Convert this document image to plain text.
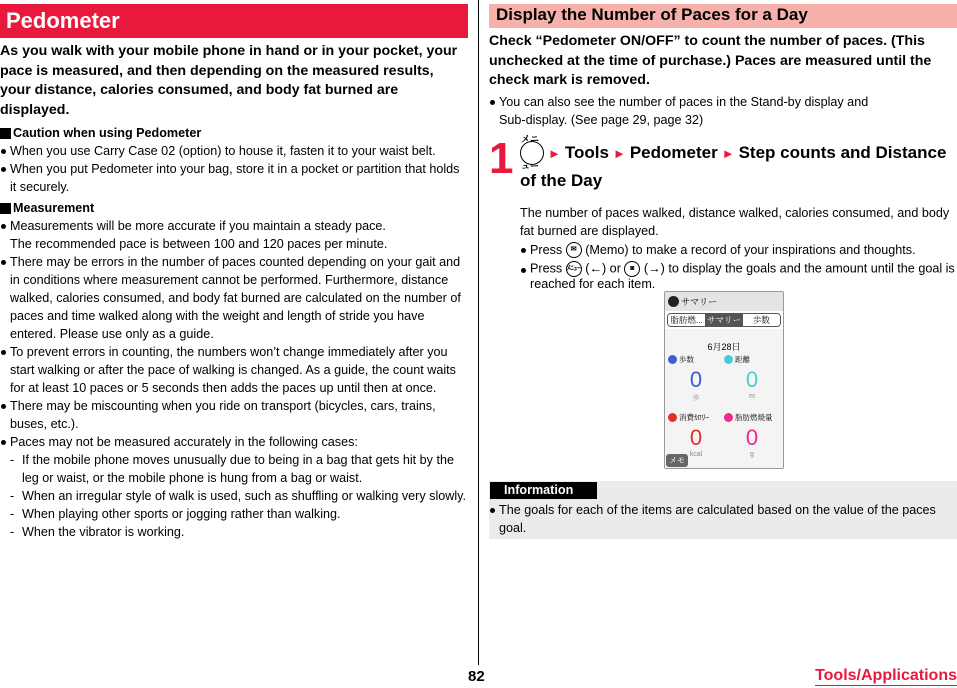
Pedometer
As you walk with your mobile phone in hand or in your pocket, your pace is measured, and then depending on the measured results, your distance, calories consumed, and body fat burned are displayed.
Caution when using Pedometer
When you use Carry Case 02 (option) to house it, fasten it to your waist belt.
When you put Pedometer into your bag, store it in a pocket or partition that holds it securely.
Measurement
Measurements will be more accurate if you maintain a steady pace.
The recommended pace is between 100 and 120 paces per minute.
There may be errors in the number of paces counted depending on your gait and in conditions where measurement cannot be performed. Furthermore, distance walked, calories consumed, and body fat burned are calculated on the number of paces and time walked along with the weight and length of stride you have entered. Please use only as a guide.
To prevent errors in counting, the numbers won’t change immediately after you start walking or after the pace of walking is changed. As a guide, the count waits for at least 10 paces or 5 seconds then adds the paces up until then at once.
There may be miscounting when you ride on transport (bicycles, cars, trains, buses, etc.).
Paces may not be measured accurately in the following cases:
- If the mobile phone moves unusually due to being in a bag that gets hit by the leg or waist, or the mobile phone is hung from a bag or waist.
- When an irregular style of walk is used, such as shuffling or walking very slowly.
- When playing other sports or jogging rather than walking.
- When the vibrator is working.
Display the Number of Paces for a Day
Check “Pedometer ON/OFF” to count the number of paces. (This unchecked at the time of purchase.) Paces are measured until the check mark is removed.
You can also see the number of paces in the Stand-by display and
Sub-display. (See page 29, page 32)
1 メニュー► Tools ► Pedometer ► Step counts and Distance of the Day
The number of paces walked, distance walked, calories consumed, and body fat burned are displayed.
Press ✉ (Memo) to make a record of your inspirations and thoughts.
Press ﾒﾆｭｰ (←) or ◙ (→) to display the goals and the amount until the goal is reached for each item.
サマリー
脂肪燃... サマリー	歩数
6月28日
歩数
0
歩
距離
0
m
消費ｶﾛﾘｰ
0
kcal
脂肪燃焼量
0
g
メモ
Information
The goals for each of the items are calculated based on the value of the paces goal.
82	Tools/Applications
